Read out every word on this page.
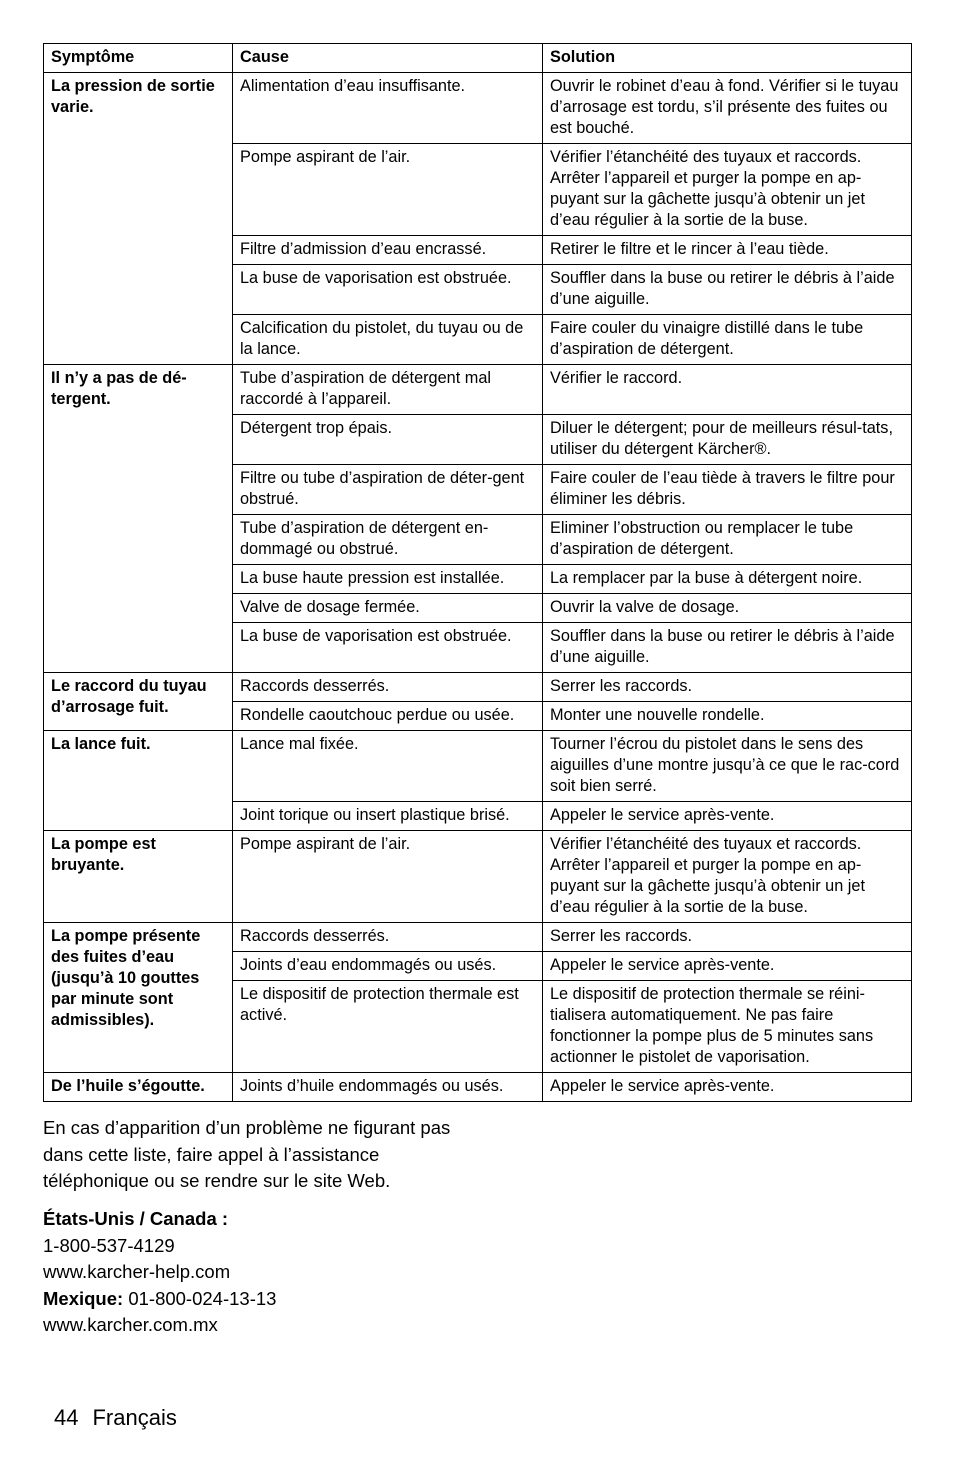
Symptôme	Cause	Solution
La pression de sortie varie.	Alimentation d’eau insuffisante.	Ouvrir le robinet d’eau à fond. Vérifier si le tuyau d’arrosage est tordu, s’il présente des fuites ou est bouché.
	Pompe aspirant de l’air.	Vérifier l’étanchéité des tuyaux et raccords. Arrêter l’appareil et purger la pompe en ap-puyant sur la gâchette jusqu’à obtenir un jet d’eau régulier à la sortie de la buse.
	Filtre d’admission d’eau encrassé.	Retirer le filtre et le rincer à l’eau tiède.
	La buse de vaporisation est obstruée.	Souffler dans la buse ou retirer le débris à l’aide d’une aiguille.
	Calcification du pistolet, du tuyau ou de la lance.	Faire couler du vinaigre distillé dans le tube d’aspiration de détergent.
Il n’y a pas de dé-tergent.	Tube d’aspiration de détergent mal raccordé à l’appareil.	Vérifier le raccord.
	Détergent trop épais.	Diluer le détergent; pour de meilleurs résul-tats, utiliser du détergent Kärcher®.
	Filtre ou tube d’aspiration de déter-gent obstrué.	Faire couler de l’eau tiède à travers le filtre pour éliminer les débris.
	Tube d’aspiration de détergent en-dommagé ou obstrué.	Eliminer l’obstruction ou remplacer le tube d’aspiration de détergent.
	La buse haute pression est installée.	La remplacer par la buse à détergent noire.
	Valve de dosage fermée.	Ouvrir la valve de dosage.
	La buse de vaporisation est obstruée.	Souffler dans la buse ou retirer le débris à l’aide d’une aiguille.
Le raccord du tuyau d’arrosage fuit.	Raccords desserrés.	Serrer les raccords.
	Rondelle caoutchouc perdue ou usée.	Monter une nouvelle rondelle.
La lance fuit.	Lance mal fixée.	Tourner l’écrou du pistolet dans le sens des aiguilles d’une montre jusqu’à ce que le rac-cord soit bien serré.
	Joint torique ou insert plastique brisé.	Appeler le service après-vente.
La pompe est bruyante.	Pompe aspirant de l’air.	Vérifier l’étanchéité des tuyaux et raccords. Arrêter l’appareil et purger la pompe en ap-puyant sur la gâchette jusqu’à obtenir un jet d’eau régulier à la sortie de la buse.
La pompe présente des fuites d’eau (jusqu’à 10 gouttes par minute sont admissibles).	Raccords desserrés.	Serrer les raccords.
	Joints d’eau endommagés ou usés.	Appeler le service après-vente.
	Le dispositif de protection thermale est activé.	Le dispositif de protection thermale se réini-tialisera automatiquement. Ne pas faire fonctionner la pompe plus de 5 minutes sans actionner le pistolet de vaporisation.
De l’huile s’égoutte.	Joints d’huile endommagés ou usés.	Appeler le service après-vente.
En cas d’apparition d’un problème ne figurant pas dans cette liste, faire appel à l’assistance téléphonique ou se rendre sur le site Web.
États-Unis / Canada :
1-800-537-4129
www.karcher-help.com
Mexique: 01-800-024-13-13
www.karcher.com.mx
44 Français
